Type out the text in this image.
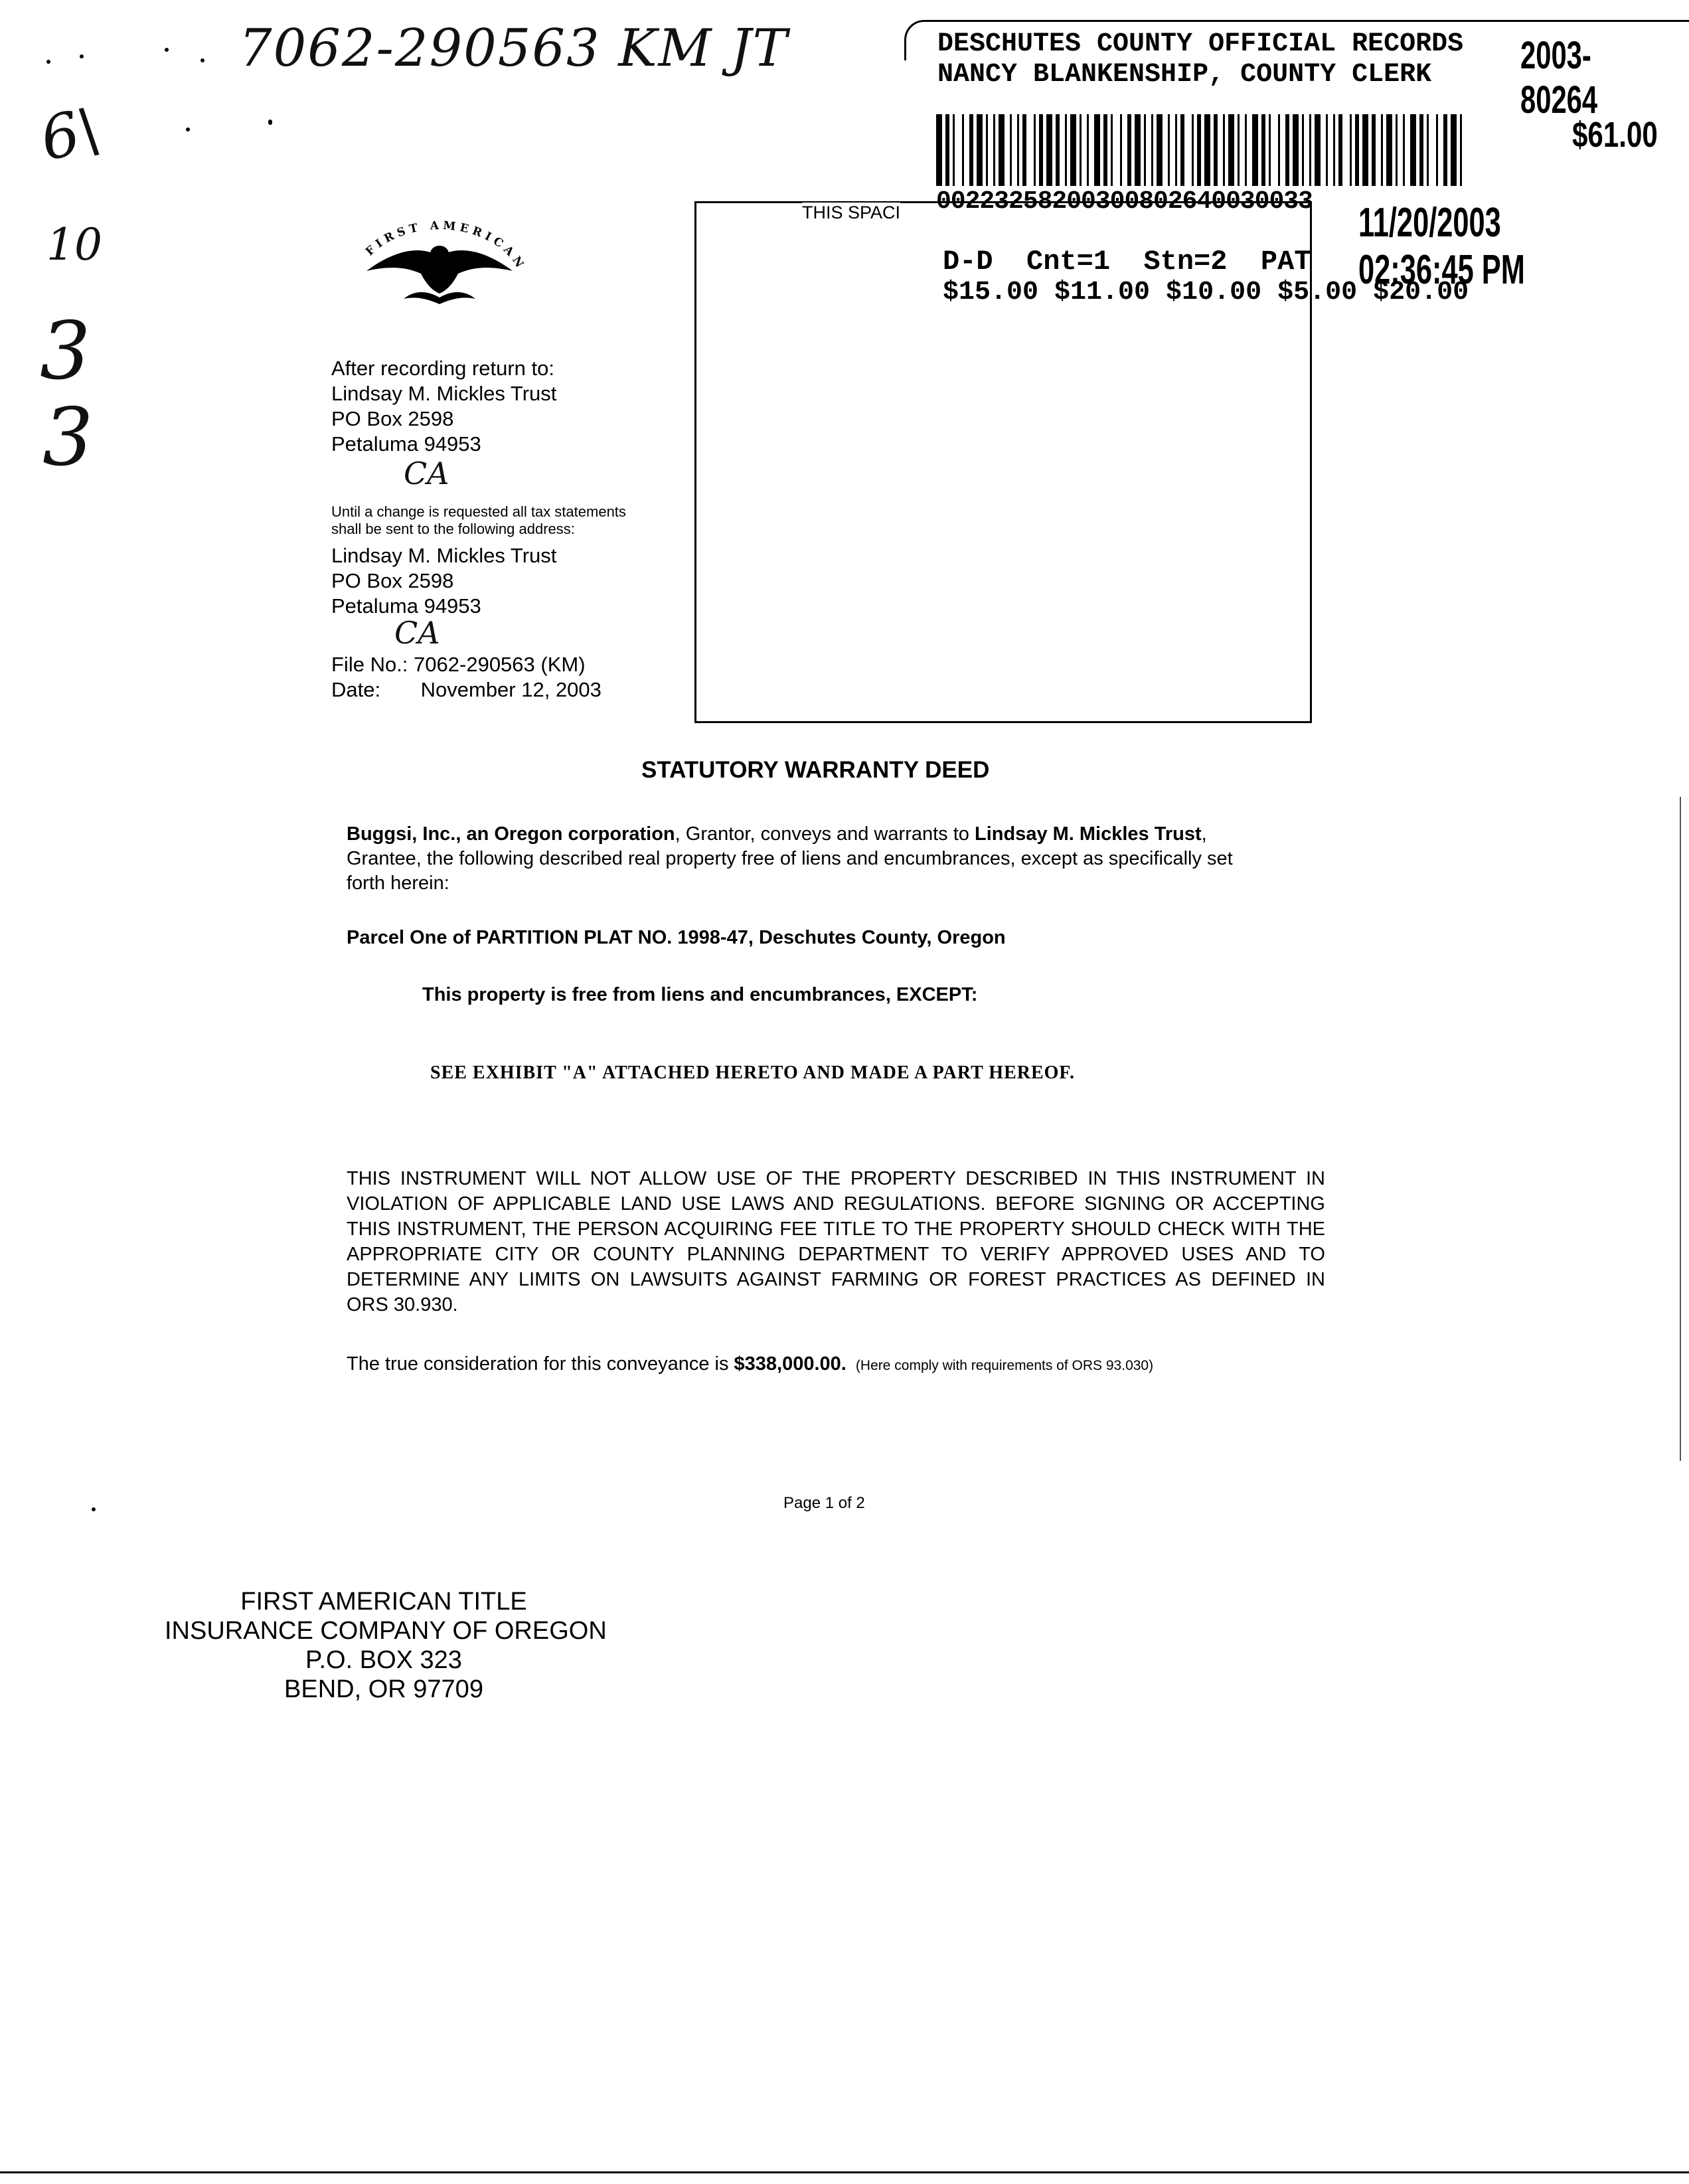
7062-290563 KM JT
6\
10
3
3
DESCHUTES COUNTY OFFICIAL RECORDS
NANCY BLANKENSHIP, COUNTY CLERK	2003-80264
$61.00
00223258200300802640030033 11/20/2003 02:36:45 PM
D-D  Cnt=1  Stn=2  PAT
$15.00 $11.00 $10.00 $5.00 $20.00
THIS SPACI
FIRST AMERICAN
After recording return to:
Lindsay M. Mickles Trust
PO Box 2598
Petaluma 94953
CA
Until a change is requested all tax statements
shall be sent to the following address:
Lindsay M. Mickles Trust
PO Box 2598
Petaluma 94953
CA
File No.: 7062-290563 (KM)
Date: November 12, 2003
STATUTORY WARRANTY DEED
Buggsi, Inc., an Oregon corporation, Grantor, conveys and warrants to Lindsay M. Mickles Trust,
Grantee, the following described real property free of liens and encumbrances, except as specifically set
forth herein:
Parcel One of PARTITION PLAT NO. 1998-47, Deschutes County, Oregon
This property is free from liens and encumbrances, EXCEPT:
SEE EXHIBIT "A" ATTACHED HERETO AND MADE A PART HEREOF.
THIS INSTRUMENT WILL NOT ALLOW USE OF THE PROPERTY DESCRIBED IN THIS INSTRUMENT IN
VIOLATION OF APPLICABLE LAND USE LAWS AND REGULATIONS. BEFORE SIGNING OR ACCEPTING
THIS INSTRUMENT, THE PERSON ACQUIRING FEE TITLE TO THE PROPERTY SHOULD CHECK WITH THE
APPROPRIATE CITY OR COUNTY PLANNING DEPARTMENT TO VERIFY APPROVED USES AND TO
DETERMINE ANY LIMITS ON LAWSUITS AGAINST FARMING OR FOREST PRACTICES AS DEFINED IN
ORS 30.930.
The true consideration for this conveyance is $338,000.00. (Here comply with requirements of ORS 93.030)
Page 1 of 2
FIRST AMERICAN TITLE
INSURANCE COMPANY OF OREGON
P.O. BOX 323
BEND, OR 97709
